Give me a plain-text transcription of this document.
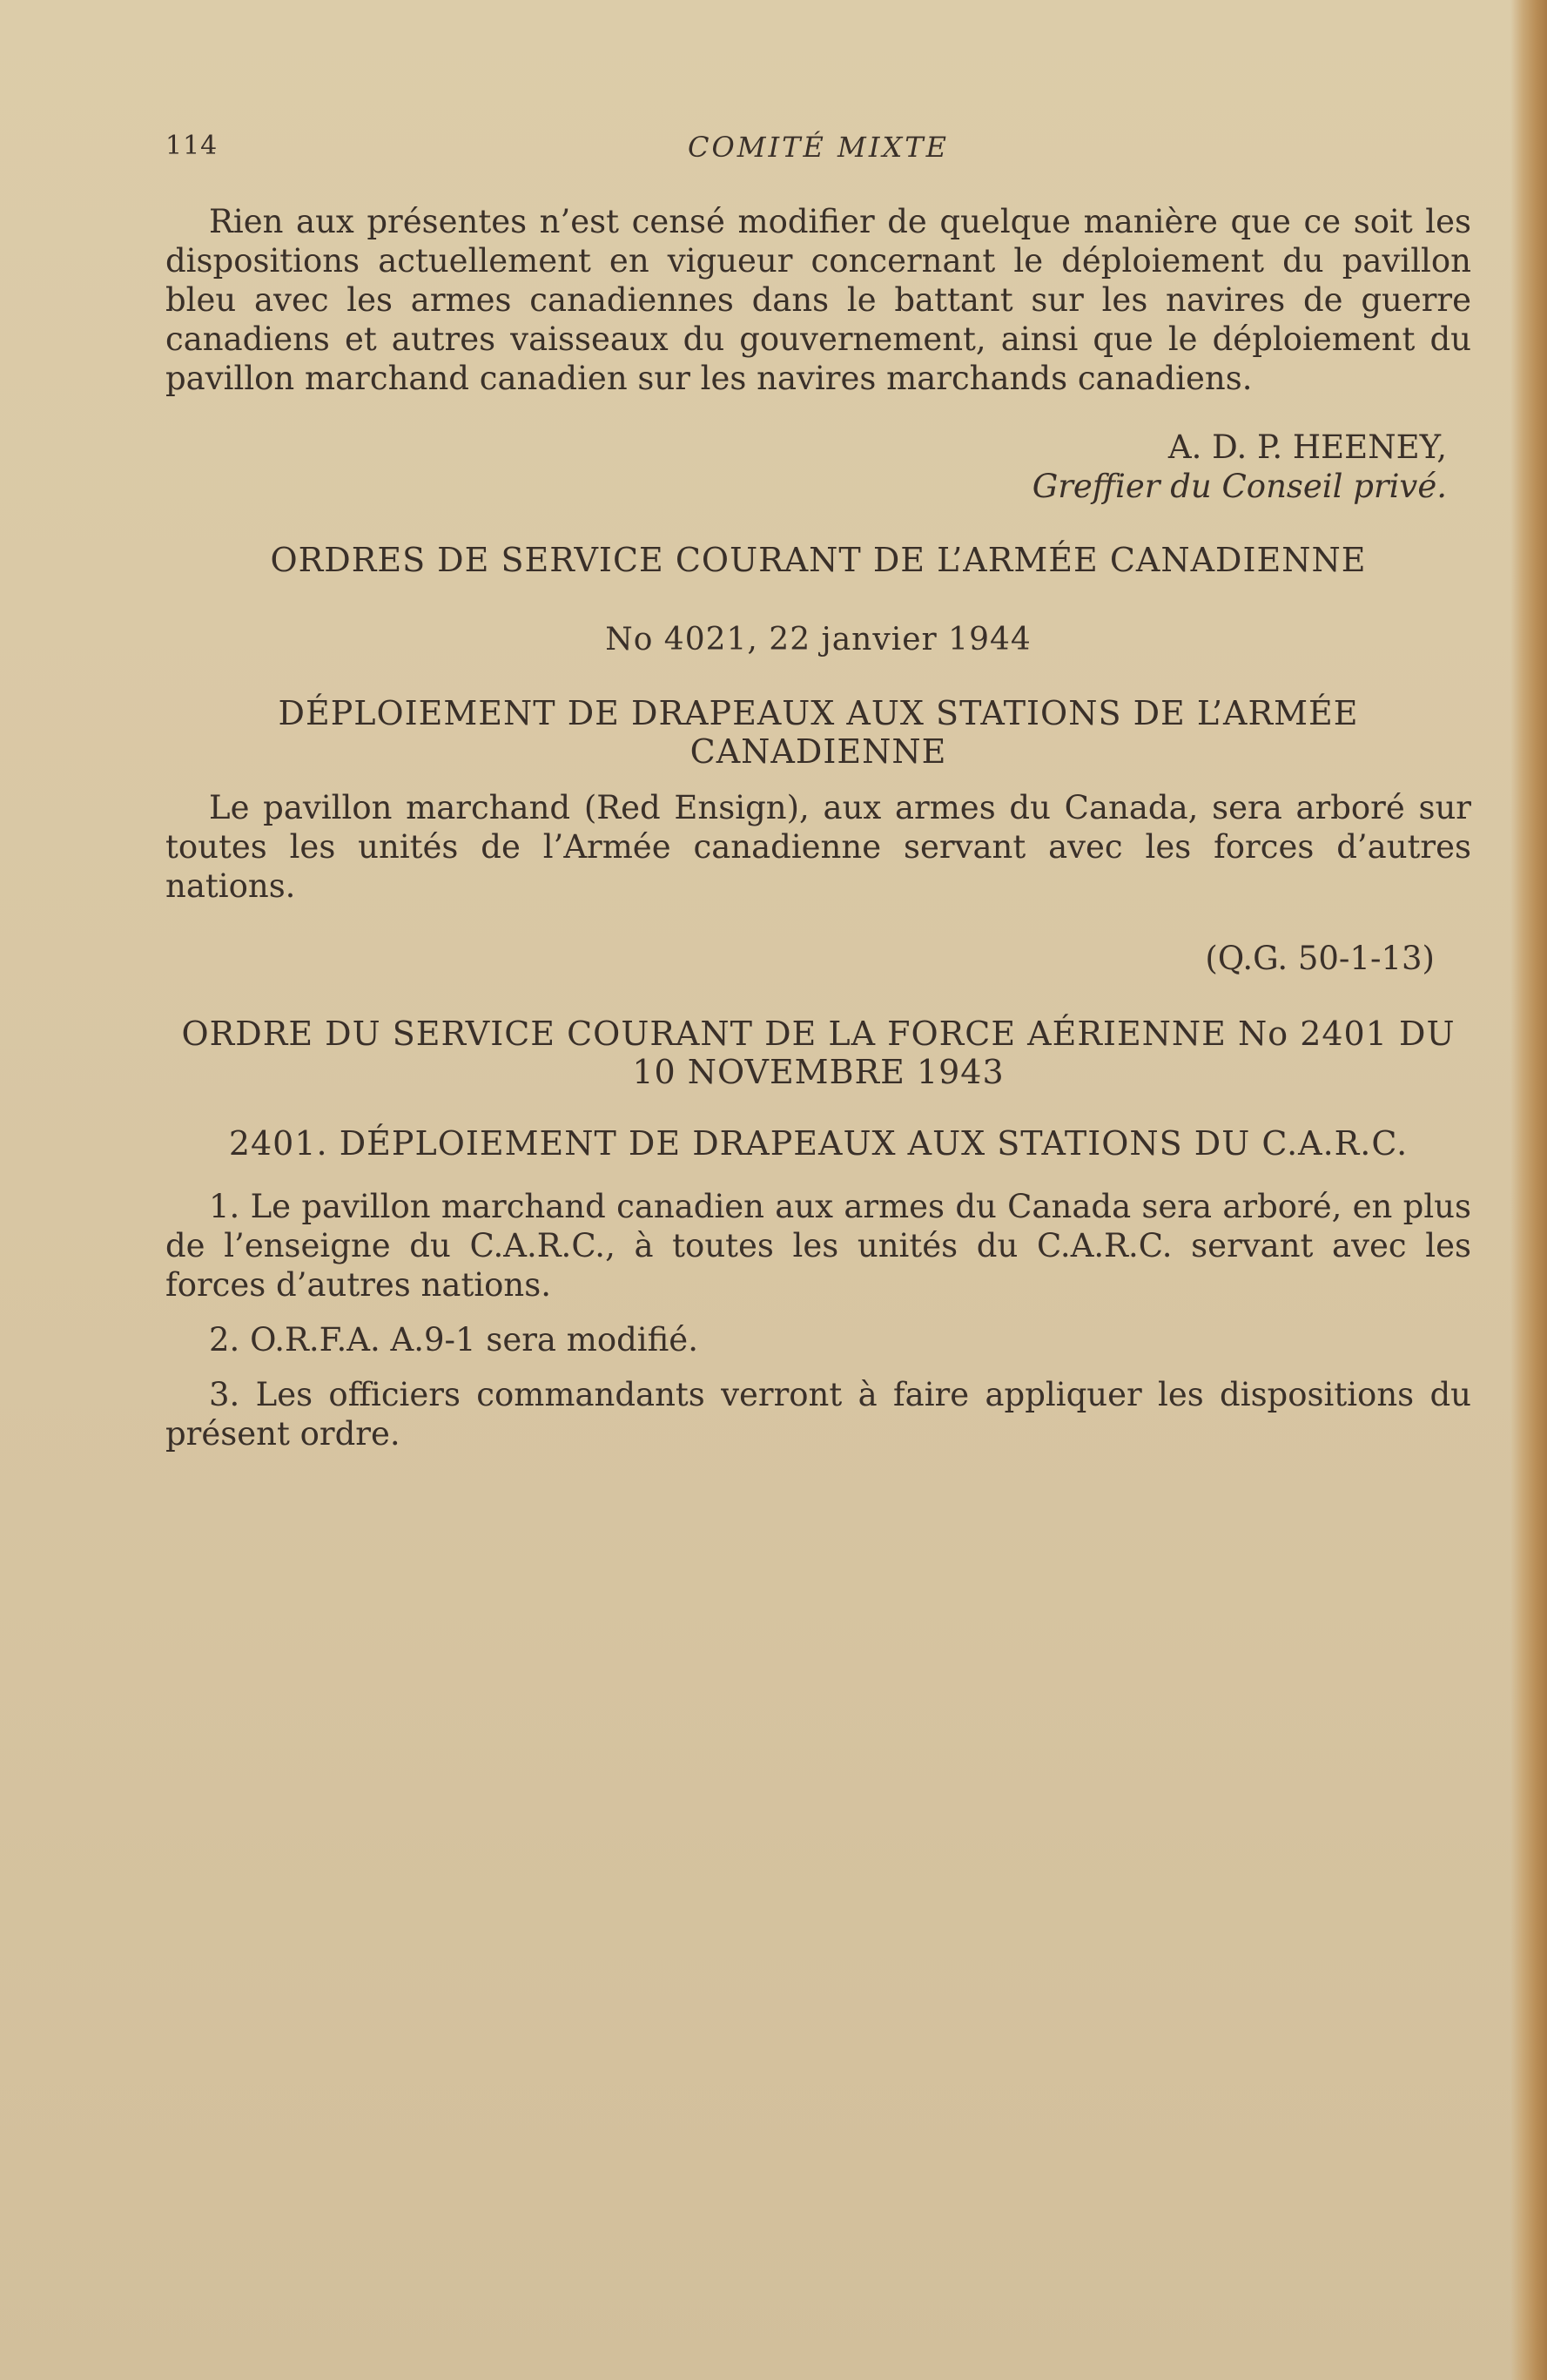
114	COMITÉ MIXTE

Rien aux présentes n’est censé modifier de quelque manière que ce soit les dispositions actuellement en vigueur concernant le déploiement du pavillon bleu avec les armes canadiennes dans le battant sur les navires de guerre canadiens et autres vaisseaux du gouvernement, ainsi que le déploiement du pavillon marchand canadien sur les navires marchands canadiens.

A. D. P. HEENEY,
Greffier du Conseil privé.

ORDRES DE SERVICE COURANT DE L’ARMÉE CANADIENNE

No 4021, 22 janvier 1944

DÉPLOIEMENT DE DRAPEAUX AUX STATIONS DE L’ARMÉE CANADIENNE

Le pavillon marchand (Red Ensign), aux armes du Canada, sera arboré sur toutes les unités de l’Armée canadienne servant avec les forces d’autres nations.

(Q.G. 50-1-13)

ORDRE DU SERVICE COURANT DE LA FORCE AÉRIENNE No 2401 DU 10 NOVEMBRE 1943

2401. DÉPLOIEMENT DE DRAPEAUX AUX STATIONS DU C.A.R.C.

1. Le pavillon marchand canadien aux armes du Canada sera arboré, en plus de l’enseigne du C.A.R.C., à toutes les unités du C.A.R.C. servant avec les forces d’autres nations.

2. O.R.F.A. A.9-1 sera modifié.

3. Les officiers commandants verront à faire appliquer les dispositions du présent ordre.
